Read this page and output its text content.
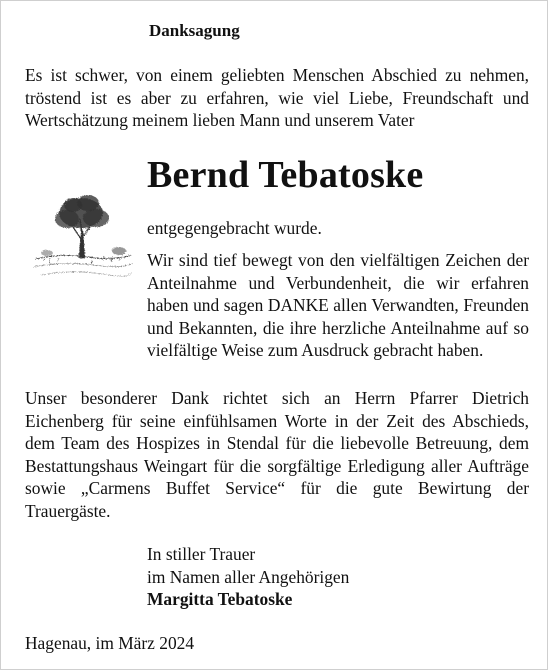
Danksagung
Es ist schwer, von einem geliebten Menschen Abschied zu nehmen, tröstend ist es aber zu erfahren, wie viel Liebe, Freundschaft und Wertschätzung meinem lieben Mann und unserem Vater
Bernd Tebatoske
entgegengebracht wurde.
Wir sind tief bewegt von den vielfältigen Zeichen der Anteilnahme und Verbundenheit, die wir erfahren haben und sagen DANKE allen Verwandten, Freunden und Bekannten, die ihre herzliche Anteilnahme auf so vielfältige Weise zum Ausdruck gebracht haben.
Unser besonderer Dank richtet sich an Herrn Pfarrer Dietrich Eichenberg für seine einfühlsamen Worte in der Zeit des Abschieds, dem Team des Hospizes in Stendal für die liebevolle Betreuung, dem Bestattungshaus Weingart für die sorgfältige Erledigung aller Aufträge sowie „Carmens Buffet Service“ für die gute Bewirtung der Trauergäste.
In stiller Trauer
im Namen aller Angehörigen
Margitta Tebatoske
Hagenau, im März 2024
